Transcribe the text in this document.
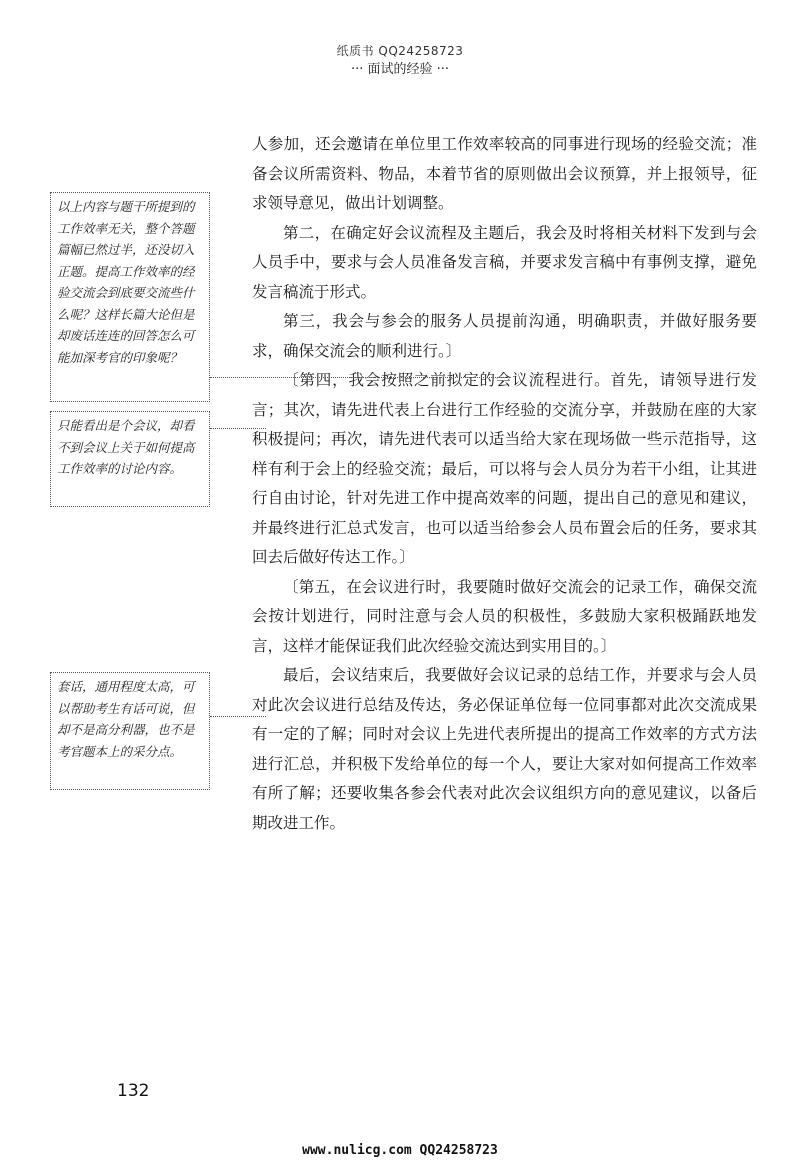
纸质书 QQ24258723
··· 面试的经验 ···

人参加，还会邀请在单位里工作效率较高的同事进行现场的经验交流；准备会议所需资料、物品，本着节省的原则做出会议预算，并上报领导，征求领导意见，做出计划调整。

第二，在确定好会议流程及主题后，我会及时将相关材料下发到与会人员手中，要求与会人员准备发言稿，并要求发言稿中有事例支撑，避免发言稿流于形式。

第三，我会与参会的服务人员提前沟通，明确职责，并做好服务要求，确保交流会的顺利进行。〕

〔第四，我会按照之前拟定的会议流程进行。首先，请领导进行发言；其次，请先进代表上台进行工作经验的交流分享，并鼓励在座的大家积极提问；再次，请先进代表可以适当给大家在现场做一些示范指导，这样有利于会上的经验交流；最后，可以将与会人员分为若干小组，让其进行自由讨论，针对先进工作中提高效率的问题，提出自己的意见和建议，并最终进行汇总式发言，也可以适当给参会人员布置会后的任务，要求其回去后做好传达工作。〕

〔第五，在会议进行时，我要随时做好交流会的记录工作，确保交流会按计划进行，同时注意与会人员的积极性，多鼓励大家积极踊跃地发言，这样才能保证我们此次经验交流达到实用目的。〕

最后，会议结束后，我要做好会议记录的总结工作，并要求与会人员对此次会议进行总结及传达，务必保证单位每一位同事都对此次交流成果有一定的了解；同时对会议上先进代表所提出的提高工作效率的方式方法进行汇总，并积极下发给单位的每一个人，要让大家对如何提高工作效率有所了解；还要收集各参会代表对此次会议组织方向的意见建议，以备后期改进工作。

以上内容与题干所提到的工作效率无关，整个答题篇幅已然过半，还没切入正题。提高工作效率的经验交流会到底要交流些什么呢？这样长篇大论但是却废话连连的回答怎么可能加深考官的印象呢？
只能看出是个会议，却看不到会议上关于如何提高工作效率的讨论内容。
套话，通用程度太高，可以帮助考生有话可说，但却不是高分利器，也不是考官题本上的采分点。
132
www.nulicg.com QQ24258723
